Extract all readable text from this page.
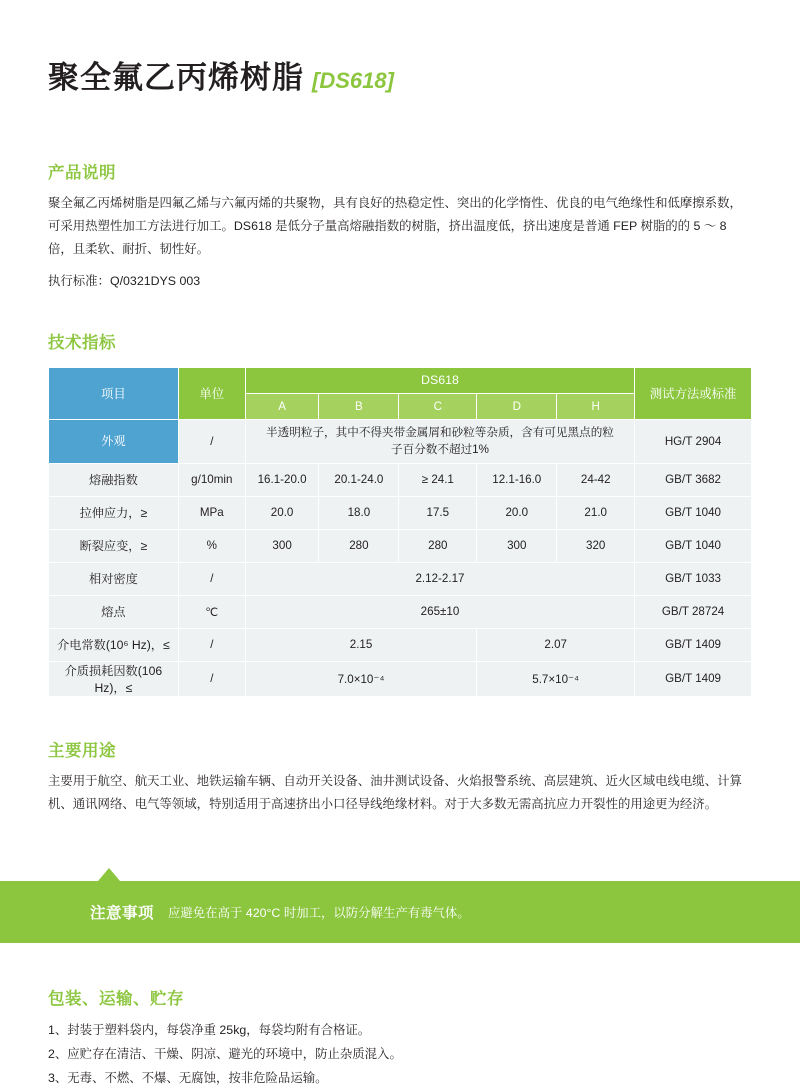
聚全氟乙丙烯树脂 [DS618]
产品说明
聚全氟乙丙烯树脂是四氟乙烯与六氟丙烯的共聚物，具有良好的热稳定性、突出的化学惰性、优良的电气绝缘性和低摩擦系数，可采用热塑性加工方法进行加工。DS618 是低分子量高熔融指数的树脂，挤出温度低，挤出速度是普通 FEP 树脂的的 5 ～ 8 倍，且柔软、耐折、韧性好。
执行标准：Q/0321DYS 003
技术指标
项目	单位	DS618					测试方法或标准
		A	B	C	D	H	
外观	/	半透明粒子，其中不得夹带金属屑和砂粒等杂质，含有可见黑点的粒子百分数不超过1%					HG/T 2904
熔融指数	g/10min	16.1-20.0	20.1-24.0	≥ 24.1	12.1-16.0	24-42	GB/T 3682
拉伸应力，≥	MPa	20.0	18.0	17.5	20.0	21.0	GB/T 1040
断裂应变，≥	%	300	280	280	300	320	GB/T 1040
相对密度	/	2.12-2.17					GB/T 1033
熔点	℃	265±10					GB/T 28724
介电常数(10⁶ Hz)，≤	/	2.15			2.07		GB/T 1409
介质损耗因数(106 Hz)，≤	/	7.0×10⁻⁴			5.7×10⁻⁴		GB/T 1409
主要用途
主要用于航空、航天工业、地铁运输车辆、自动开关设备、油井测试设备、火焰报警系统、高层建筑、近火区域电线电缆、计算机、通讯网络、电气等领域，特别适用于高速挤出小口径导线绝缘材料。对于大多数无需高抗应力开裂性的用途更为经济。
注意事项 应避免在高于 420°C 时加工，以防分解生产有毒气体。
包装、运输、贮存
1、封装于塑料袋内，每袋净重 25kg，每袋均附有合格证。
2、应贮存在清洁、干燥、阴凉、避光的环境中，防止杂质混入。
3、无毒、不燃、不爆、无腐蚀，按非危险品运输。
